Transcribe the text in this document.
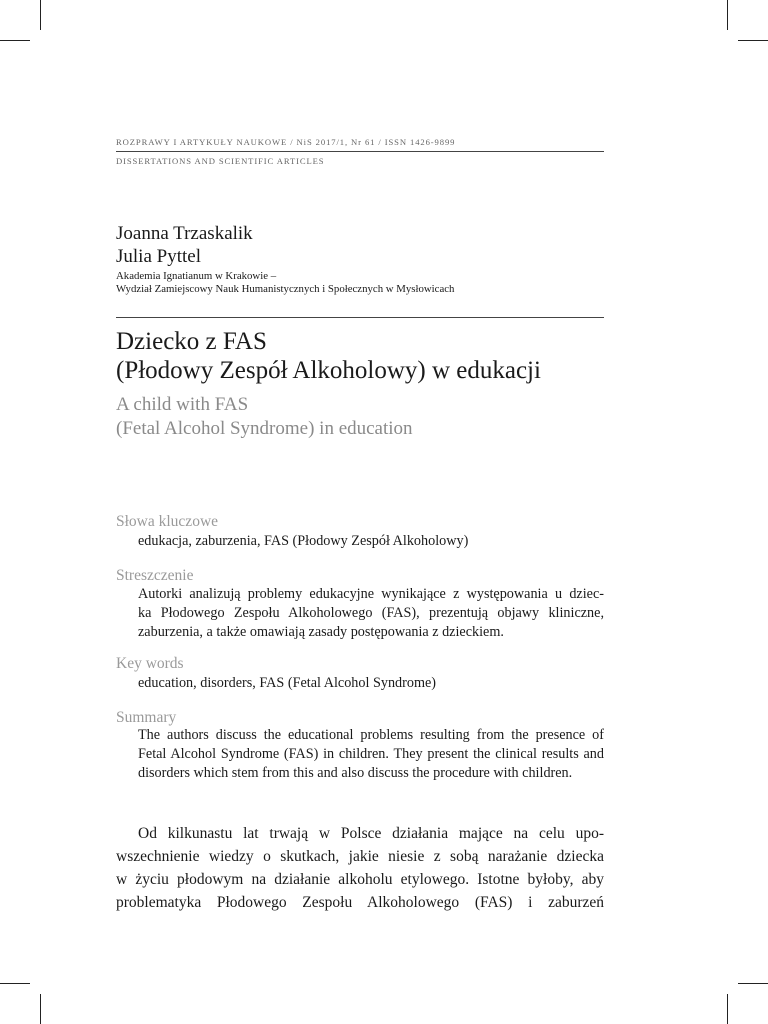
ROZPRAWY I ARTYKUŁY NAUKOWE / NiS 2017/1, Nr 61 / ISSN 1426-9899
DISSERTATIONS AND SCIENTIFIC ARTICLES
Joanna Trzaskalik
Julia Pyttel
Akademia Ignatianum w Krakowie –
Wydział Zamiejscowy Nauk Humanistycznych i Społecznych w Mysłowicach
Dziecko z FAS
(Płodowy Zespół Alkoholowy) w edukacji
A child with FAS
(Fetal Alcohol Syndrome) in education
Słowa kluczowe
edukacja, zaburzenia, FAS (Płodowy Zespół Alkoholowy)
Streszczenie
Autorki analizują problemy edukacyjne wynikające z występowania u dziec-
ka Płodowego Zespołu Alkoholowego (FAS), prezentują objawy kliniczne,
zaburzenia, a także omawiają zasady postępowania z dzieckiem.
Key words
education, disorders, FAS (Fetal Alcohol Syndrome)
Summary
The authors discuss the educational problems resulting from the presence of
Fetal Alcohol Syndrome (FAS) in children. They present the clinical results and
disorders which stem from this and also discuss the procedure with children.
Od kilkunastu lat trwają w Polsce działania mające na celu upo-
wszechnienie wiedzy o skutkach, jakie niesie z sobą narażanie dziecka
w życiu płodowym na działanie alkoholu etylowego. Istotne byłoby, aby
problematyka Płodowego Zespołu Alkoholowego (FAS) i zaburzeń
